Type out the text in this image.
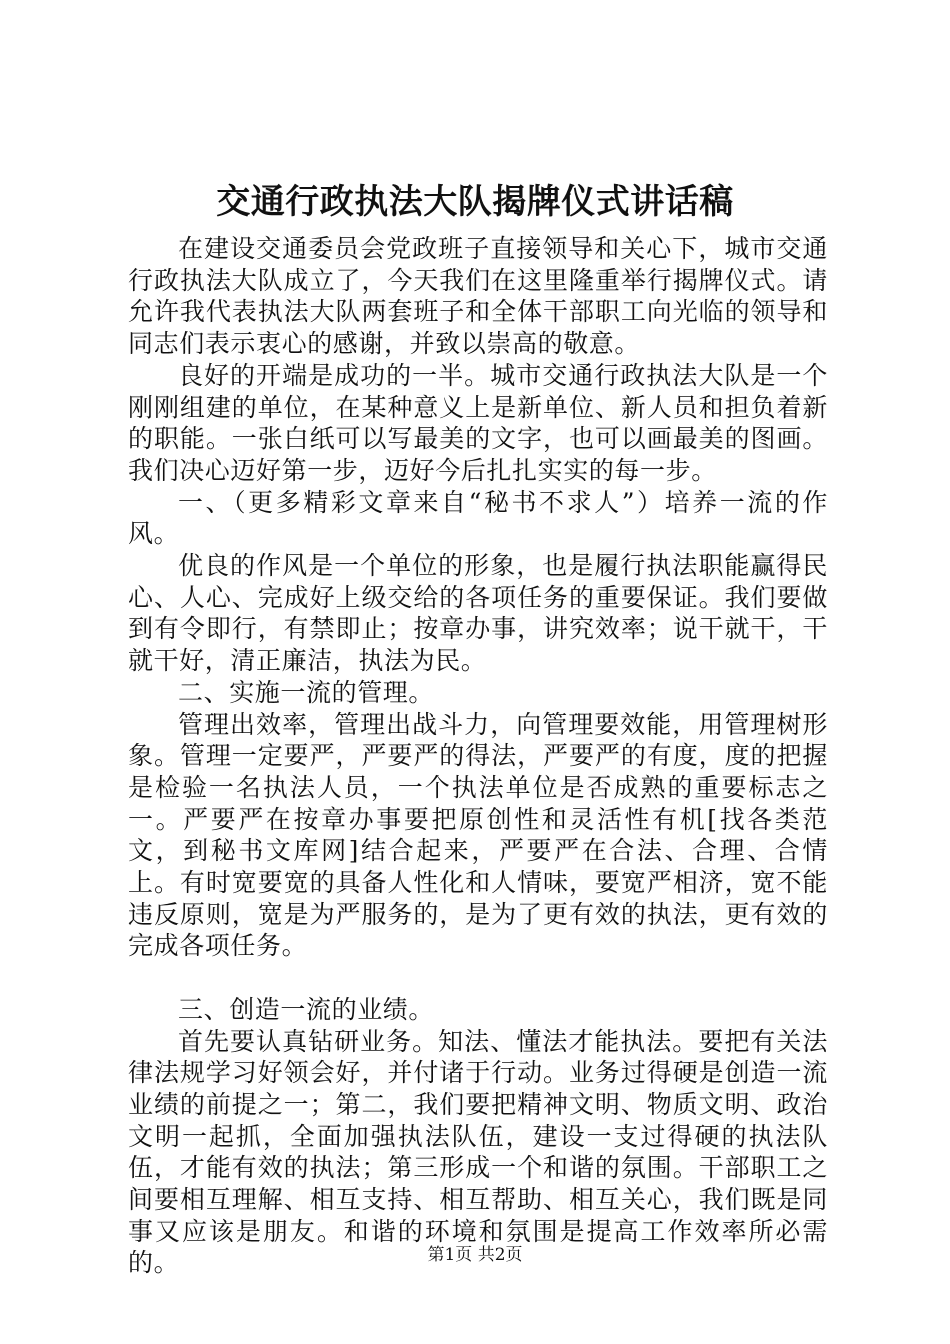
交通行政执法大队揭牌仪式讲话稿

在建设交通委员会党政班子直接领导和关心下，城市交通行政执法大队成立了，今天我们在这里隆重举行揭牌仪式。请允许我代表执法大队两套班子和全体干部职工向光临的领导和同志们表示衷心的感谢，并致以崇高的敬意。

良好的开端是成功的一半。城市交通行政执法大队是一个刚刚组建的单位，在某种意义上是新单位、新人员和担负着新的职能。一张白纸可以写最美的文字，也可以画最美的图画。我们决心迈好第一步，迈好今后扎扎实实的每一步。

一、（更多精彩文章来自“秘书不求人”）培养一流的作风。

优良的作风是一个单位的形象，也是履行执法职能赢得民心、人心、完成好上级交给的各项任务的重要保证。我们要做到有令即行，有禁即止；按章办事，讲究效率；说干就干，干就干好，清正廉洁，执法为民。

二、实施一流的管理。

管理出效率，管理出战斗力，向管理要效能，用管理树形象。管理一定要严，严要严的得法，严要严的有度，度的把握是检验一名执法人员，一个执法单位是否成熟的重要标志之一。严要严在按章办事要把原创性和灵活性有机[找各类范文，到秘书文库网]结合起来，严要严在合法、合理、合情上。有时宽要宽的具备人性化和人情味，要宽严相济，宽不能违反原则，宽是为严服务的，是为了更有效的执法，更有效的完成各项任务。

三、创造一流的业绩。

首先要认真钻研业务。知法、懂法才能执法。要把有关法律法规学习好领会好，并付诸于行动。业务过得硬是创造一流业绩的前提之一；第二，我们要把精神文明、物质文明、政治文明一起抓，全面加强执法队伍，建设一支过得硬的执法队伍，才能有效的执法；第三形成一个和谐的氛围。干部职工之间要相互理解、相互支持、相互帮助、相互关心，我们既是同事又应该是朋友。和谐的环境和氛围是提高工作效率所必需的。	第1页 共2页
